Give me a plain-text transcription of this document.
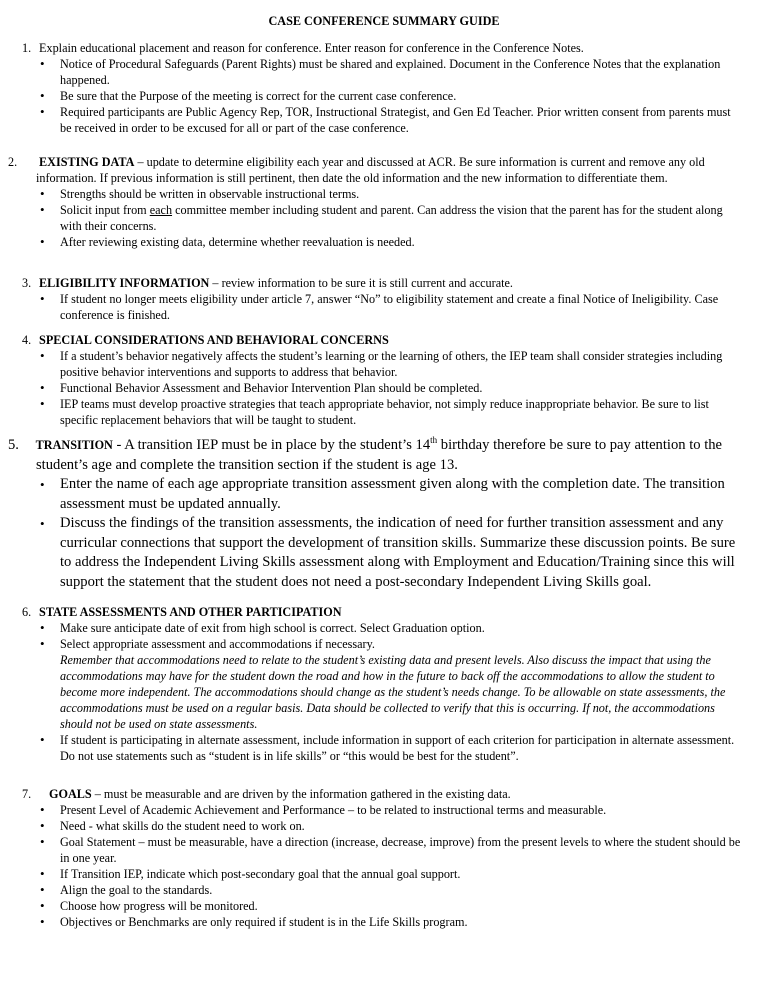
CASE CONFERENCE SUMMARY GUIDE
1. Explain educational placement and reason for conference. Enter reason for conference in the Conference Notes.
• Notice of Procedural Safeguards (Parent Rights) must be shared and explained. Document in the Conference Notes that the explanation happened.
• Be sure that the Purpose of the meeting is correct for the current case conference.
• Required participants are Public Agency Rep, TOR, Instructional Strategist, and Gen Ed Teacher. Prior written consent from parents must be received in order to be excused for all or part of the case conference.
2. EXISTING DATA – update to determine eligibility each year and discussed at ACR. Be sure information is current and remove any old information. If previous information is still pertinent, then date the old information and the new information to differentiate them.
• Strengths should be written in observable instructional terms.
• Solicit input from each committee member including student and parent. Can address the vision that the parent has for the student along with their concerns.
• After reviewing existing data, determine whether reevaluation is needed.
3. ELIGIBILITY INFORMATION – review information to be sure it is still current and accurate.
• If student no longer meets eligibility under article 7, answer “No” to eligibility statement and create a final Notice of Ineligibility. Case conference is finished.
4. SPECIAL CONSIDERATIONS AND BEHAVIORAL CONCERNS
• If a student’s behavior negatively affects the student’s learning or the learning of others, the IEP team shall consider strategies including positive behavior interventions and supports to address that behavior.
• Functional Behavior Assessment and Behavior Intervention Plan should be completed.
• IEP teams must develop proactive strategies that teach appropriate behavior, not simply reduce inappropriate behavior. Be sure to list specific replacement behaviors that will be taught to student.
5. TRANSITION - A transition IEP must be in place by the student’s 14th birthday therefore be sure to pay attention to the student’s age and complete the transition section if the student is age 13.
• Enter the name of each age appropriate transition assessment given along with the completion date. The transition assessment must be updated annually.
• Discuss the findings of the transition assessments, the indication of need for further transition assessment and any curricular connections that support the development of transition skills. Summarize these discussion points. Be sure to address the Independent Living Skills assessment along with Employment and Education/Training since this will support the statement that the student does not need a post-secondary Independent Living Skills goal.
6. STATE ASSESSMENTS AND OTHER PARTICIPATION
• Make sure anticipate date of exit from high school is correct. Select Graduation option.
• Select appropriate assessment and accommodations if necessary.
Remember that accommodations need to relate to the student’s existing data and present levels. Also discuss the impact that using the accommodations may have for the student down the road and how in the future to back off the accommodations to allow the student to become more independent. The accommodations should change as the student’s needs change. To be allowable on state assessments, the accommodations must be used on a regular basis. Data should be collected to verify that this is occurring. If not, the accommodations should not be used on state assessments.
• If student is participating in alternate assessment, include information in support of each criterion for participation in alternate assessment. Do not use statements such as “student is in life skills” or “this would be best for the student”.
7. GOALS – must be measurable and are driven by the information gathered in the existing data.
• Present Level of Academic Achievement and Performance – to be related to instructional terms and measurable.
• Need - what skills do the student need to work on.
• Goal Statement – must be measurable, have a direction (increase, decrease, improve) from the present levels to where the student should be in one year.
• If Transition IEP, indicate which post-secondary goal that the annual goal support.
• Align the goal to the standards.
• Choose how progress will be monitored.
• Objectives or Benchmarks are only required if student is in the Life Skills program.
